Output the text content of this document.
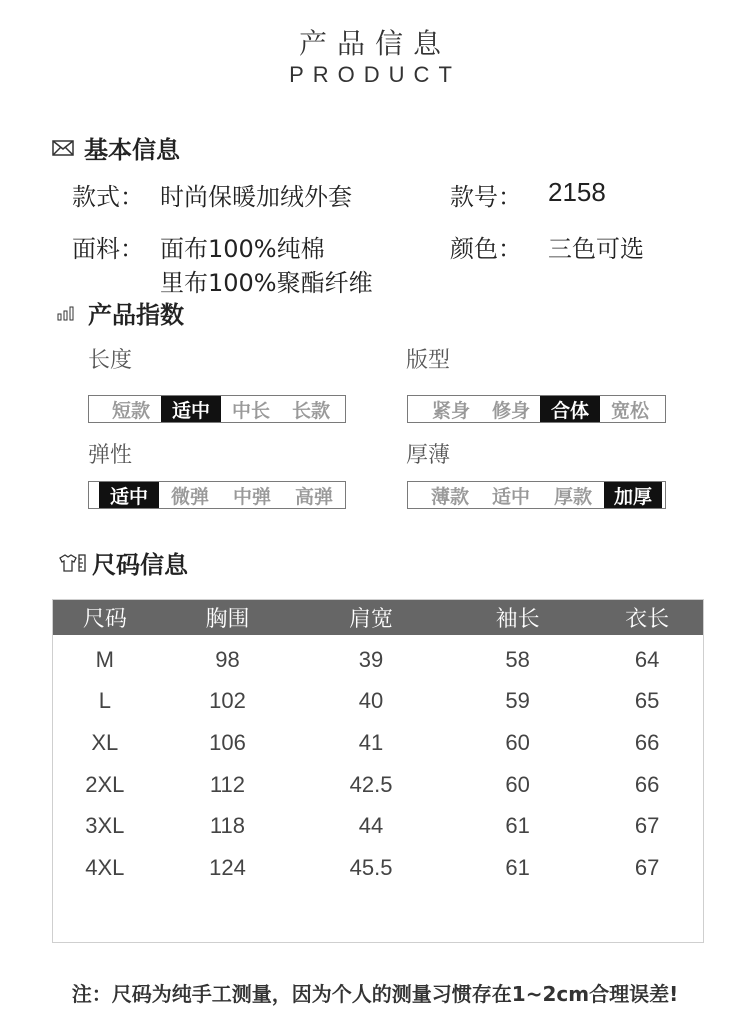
产品信息
PRODUCT
基本信息
款式： 时尚保暖加绒外套	款号： 2158
面料： 面布100%纯棉
里布100%聚酯纤维
颜色： 三色可选
产品指数
长度	版型
短款	适中	中长	长款	紧身	修身	合体	宽松
弹性	厚薄
适中	微弹	中弹	高弹	薄款	适中	厚款	加厚
尺码信息
尺码	胸围	肩宽	袖长	衣长
M	98	39	58	64
L	102	40	59	65
XL	106	41	60	66
2XL	112	42.5	60	66
3XL	118	44	61	67
4XL	124	45.5	61	67
注：尺码为纯手工测量，因为个人的测量习惯存在1~2cm合理误差!
